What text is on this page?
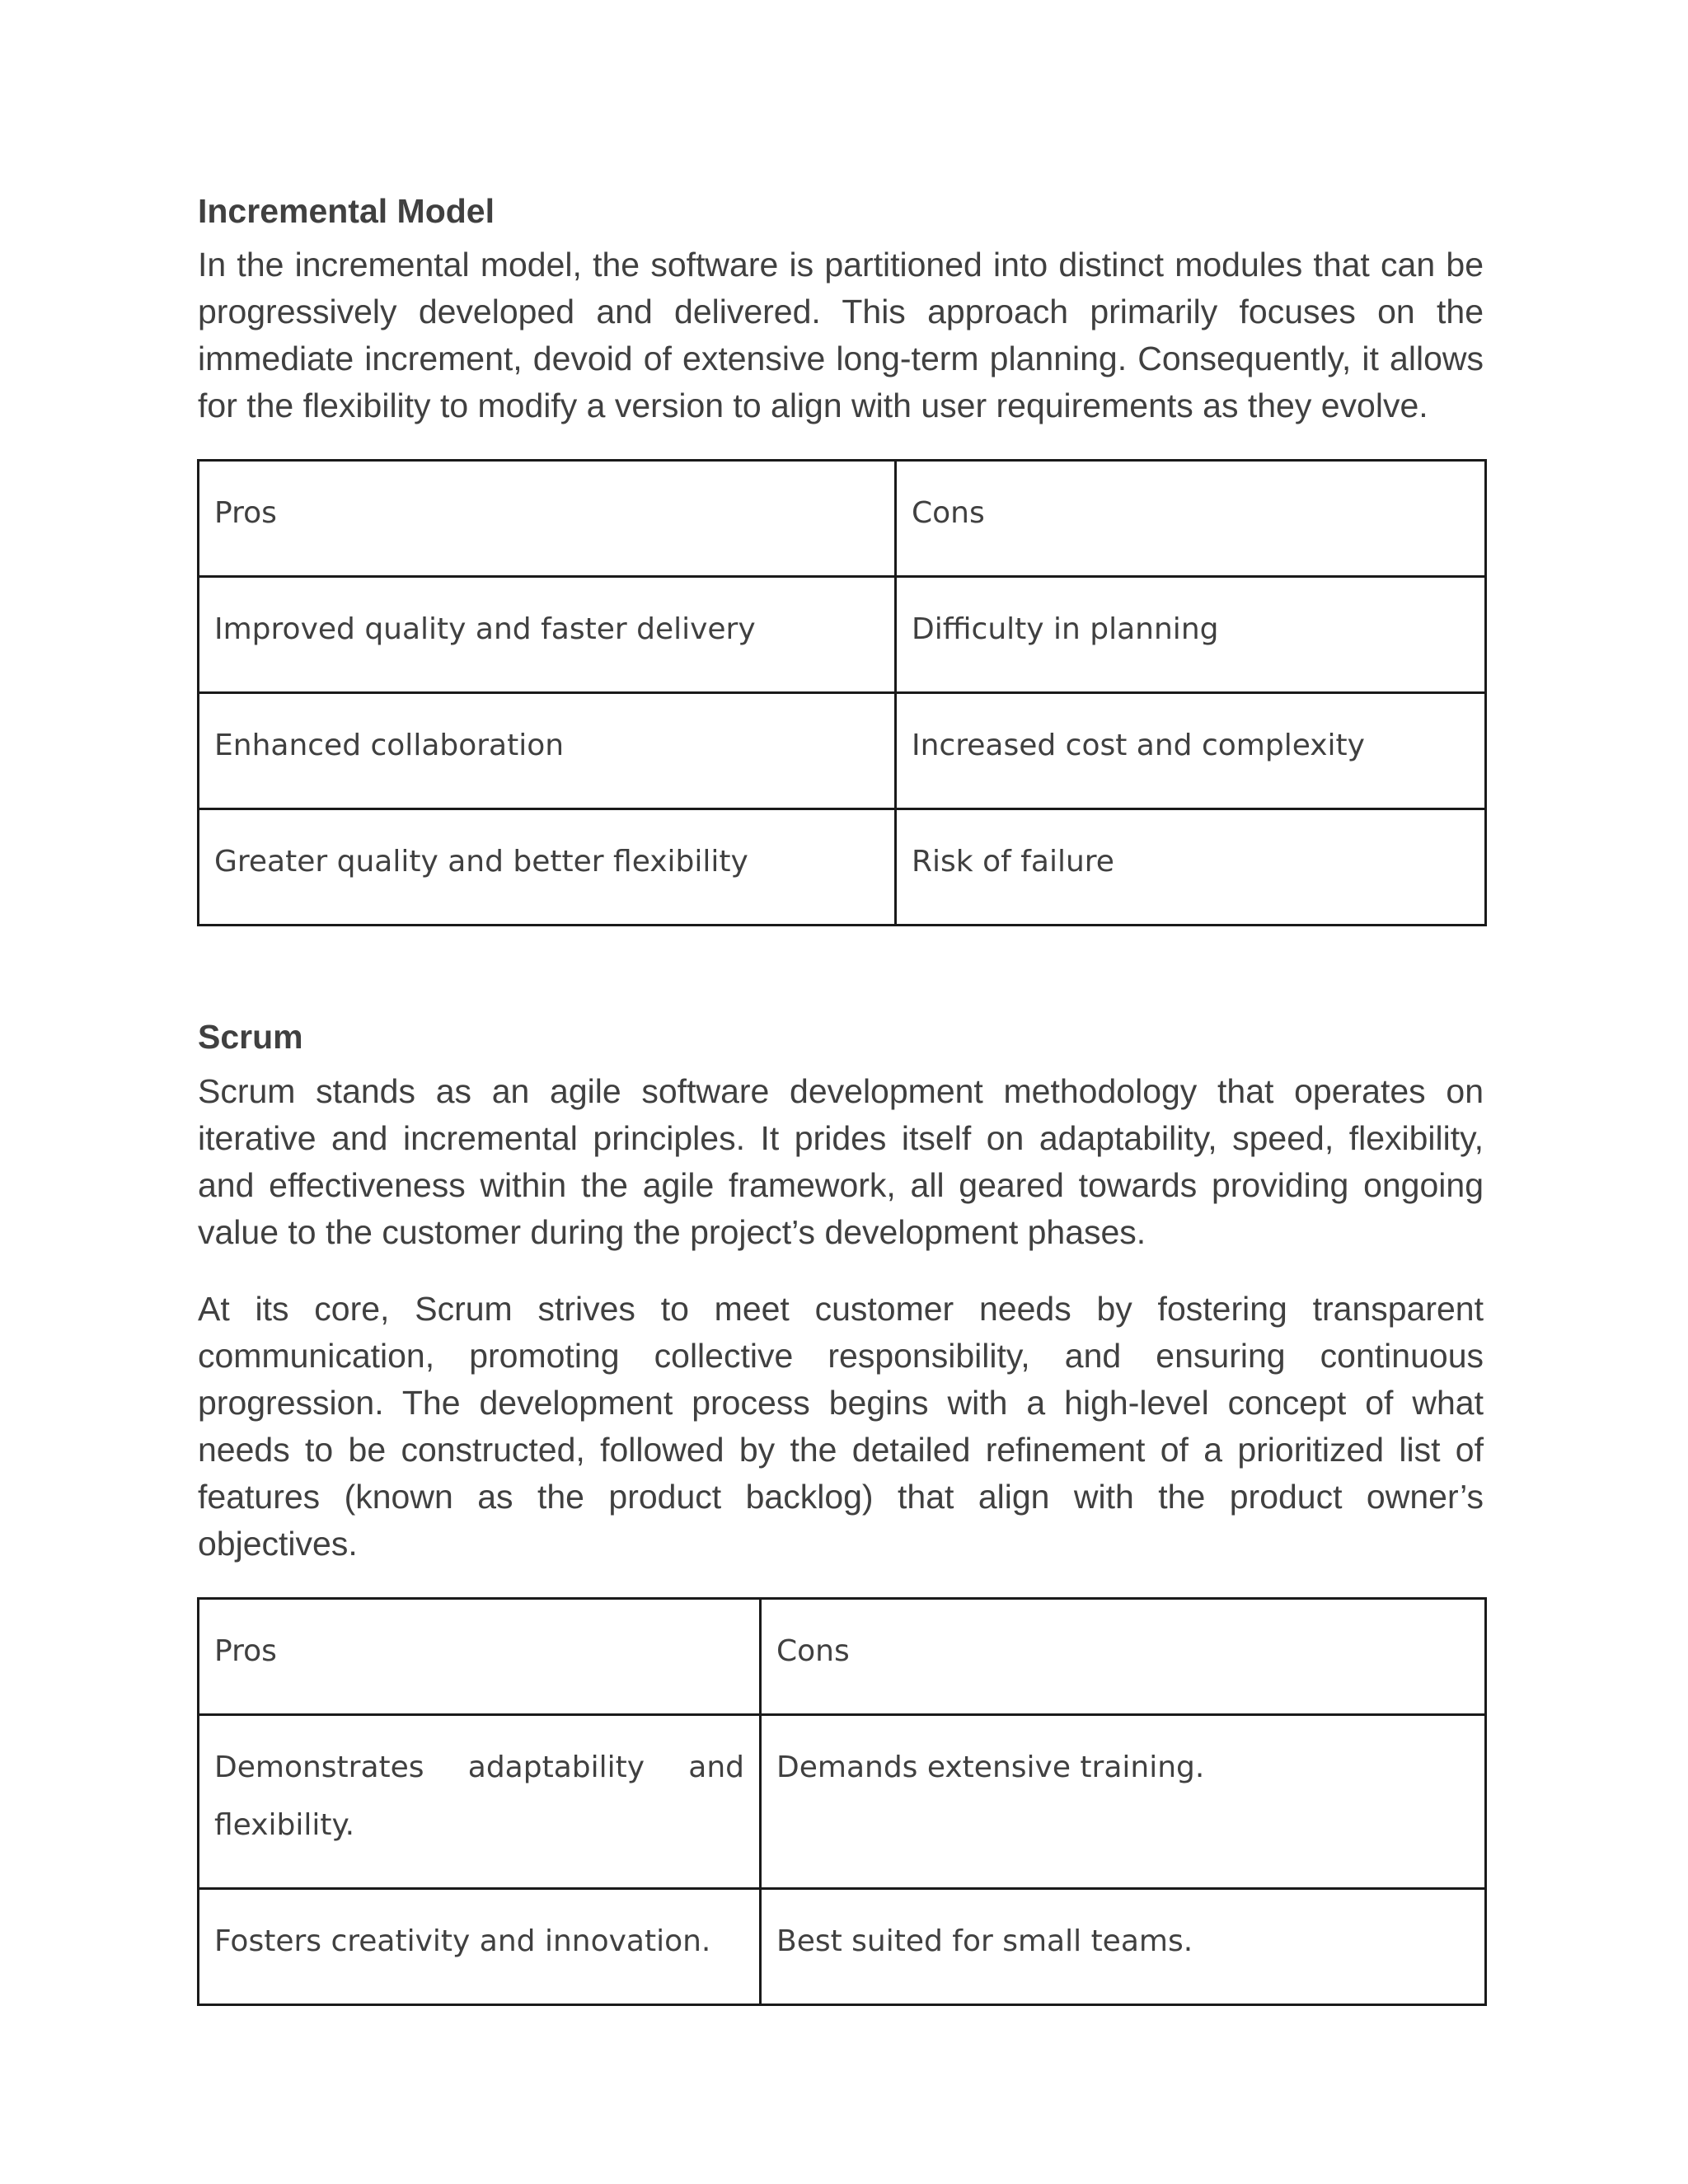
Incremental Model

In the incremental model, the software is partitioned into distinct modules that can be progressively developed and delivered. This approach primarily focuses on the immediate increment, devoid of extensive long-term planning. Consequently, it allows for the flexibility to modify a version to align with user requirements as they evolve.

Pros	Cons
Improved quality and faster delivery	Difficulty in planning
Enhanced collaboration	Increased cost and complexity
Greater quality and better flexibility	Risk of failure
Scrum

Scrum stands as an agile software development methodology that operates on iterative and incremental principles. It prides itself on adaptability, speed, flexibility, and effectiveness within the agile framework, all geared towards providing ongoing value to the customer during the project’s development phases.

At its core, Scrum strives to meet customer needs by fostering transparent communication, promoting collective responsibility, and ensuring continuous progression. The development process begins with a high-level concept of what needs to be constructed, followed by the detailed refinement of a prioritized list of features (known as the product backlog) that align with the product owner’s objectives.

Pros	Cons
Demonstrates adaptability and flexibility.	Demands extensive training.
Fosters creativity and innovation.	Best suited for small teams.
